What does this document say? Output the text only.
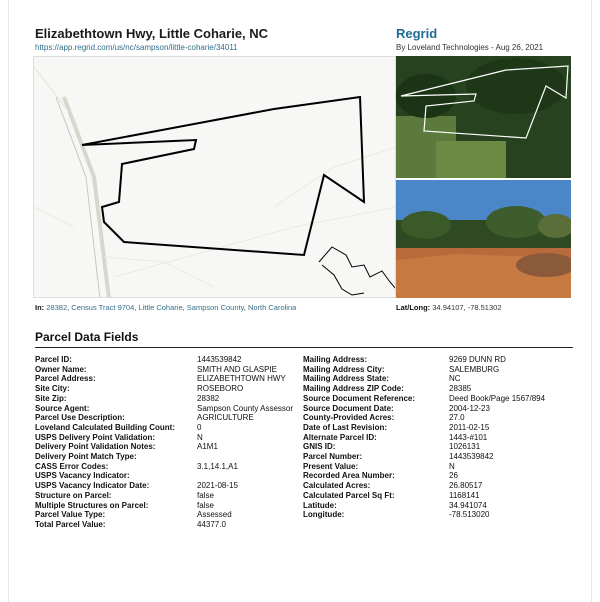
Elizabethtown Hwy, Little Coharie, NC
https://app.regrid.com/us/nc/sampson/little-coharie/34011
Regrid
By Loveland Technologies - Aug 26, 2021
In: 28382, Census Tract 9704, Little Coharie, Sampson County, North Carolina	Lat/Long: 34.94107, -78.51302
Parcel Data Fields
Parcel ID:	1443539842
Owner Name:	SMITH AND GLASPIE
Parcel Address:	ELIZABETHTOWN HWY
Site City:	ROSEBORO
Site Zip:	28382
Source Agent:	Sampson County Assessor
Parcel Use Description:	AGRICULTURE
Loveland Calculated Building Count:	0
USPS Delivery Point Validation:	N
Delivery Point Validation Notes:	A1M1
Delivery Point Match Type:
CASS Error Codes:	3.1,14.1,A1
USPS Vacancy Indicator:
USPS Vacancy Indicator Date:	2021-08-15
Structure on Parcel:	false
Multiple Structures on Parcel:	false
Parcel Value Type:	Assessed
Total Parcel Value:	44377.0
Mailing Address:	9269 DUNN RD
Mailing Address City:	SALEMBURG
Mailing Address State:	NC
Mailing Address ZIP Code:	28385
Source Document Reference:	Deed Book/Page 1567/894
Source Document Date:	2004-12-23
County-Provided Acres:	27.0
Date of Last Revision:	2011-02-15
Alternate Parcel ID:	1443-#101
GNIS ID:	1026131
Parcel Number:	1443539842
Present Value:	N
Recorded Area Number:	26
Calculated Acres:	26.80517
Calculated Parcel Sq Ft:	1168141
Latitude:	34.941074
Longitude:	-78.513020
